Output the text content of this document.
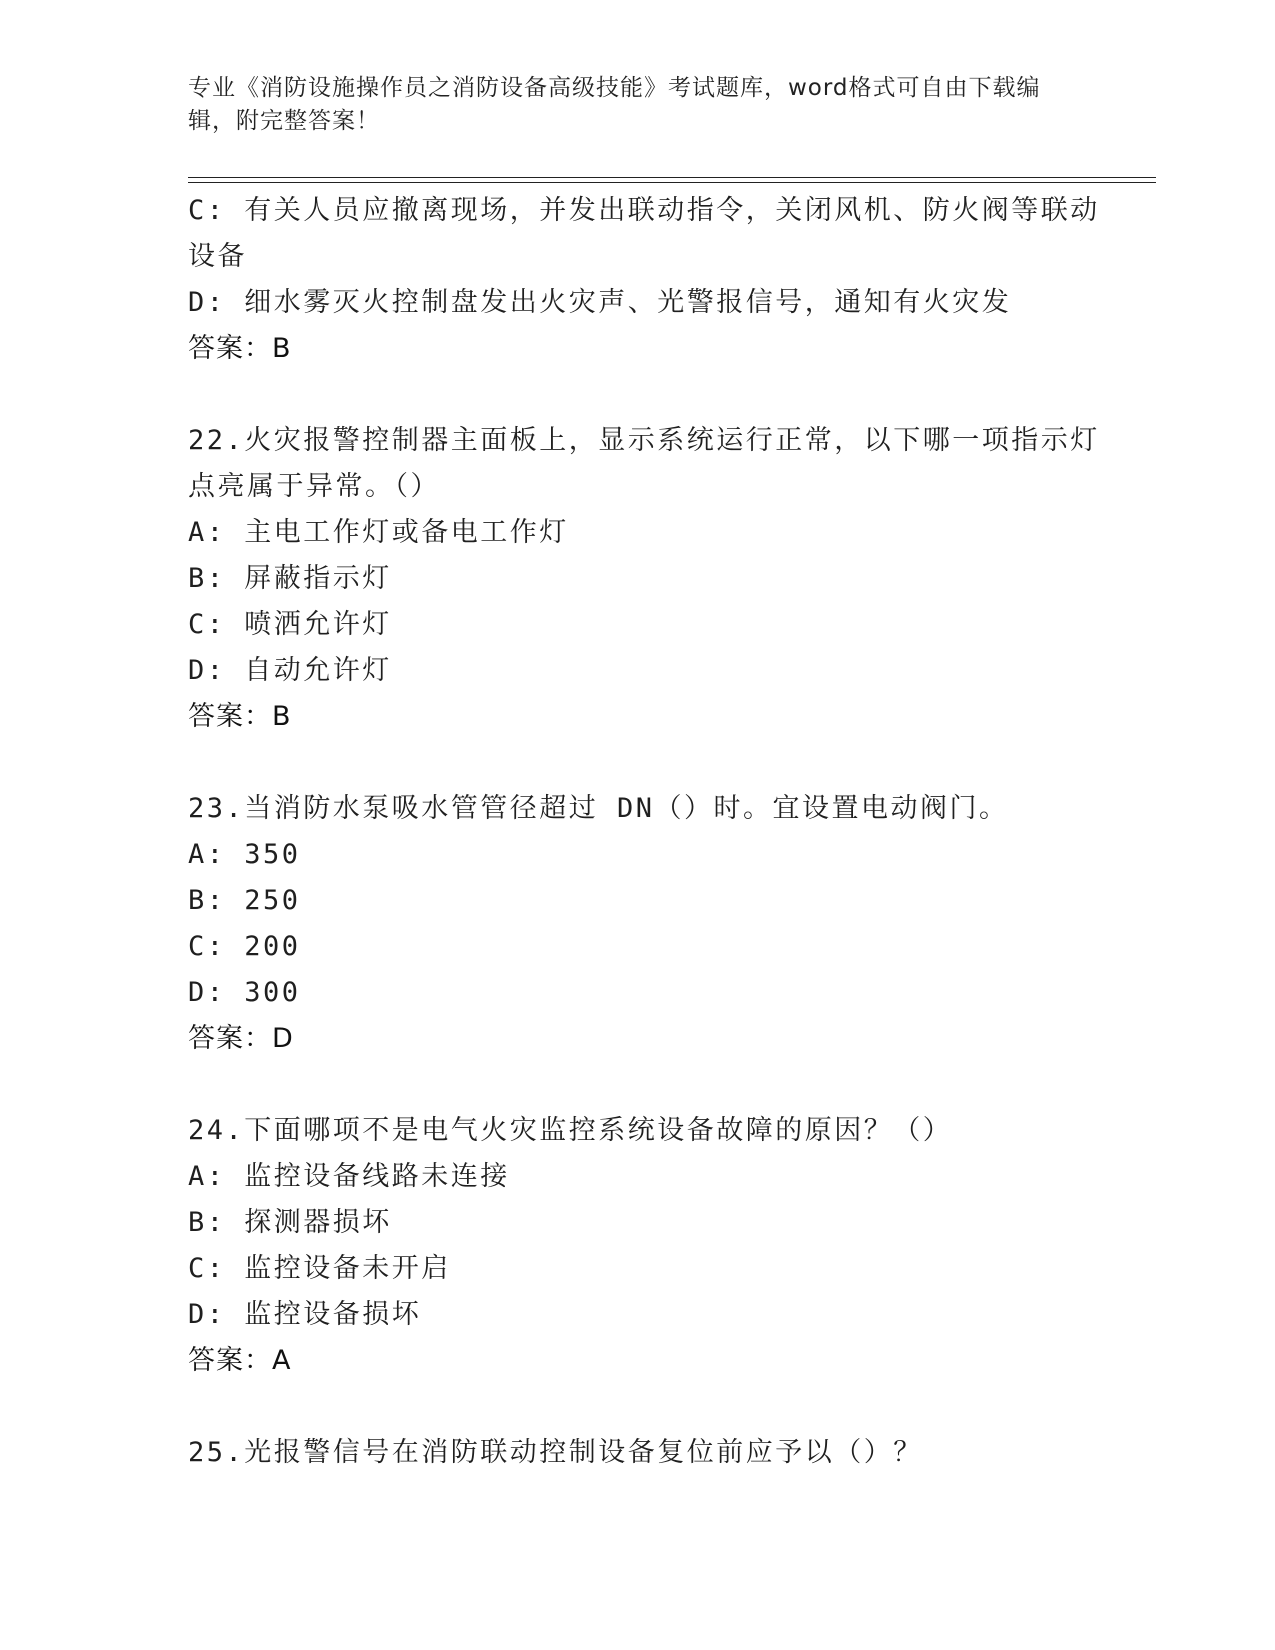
专业《消防设施操作员之消防设备高级技能》考试题库，word格式可自由下载编辑，附完整答案！
C: 有关人员应撤离现场，并发出联动指令，关闭风机、防火阀等联动
设备
D: 细水雾灭火控制盘发出火灾声、光警报信号，通知有火灾发
答案：B
22.火灾报警控制器主面板上，显示系统运行正常，以下哪一项指示灯
点亮属于异常。（）
A: 主电工作灯或备电工作灯
B: 屏蔽指示灯
C: 喷洒允许灯
D: 自动允许灯
答案：B
23.当消防水泵吸水管管径超过 DN（）时。宜设置电动阀门。
A: 350
B: 250
C: 200
D: 300
答案：D
24.下面哪项不是电气火灾监控系统设备故障的原因？（）
A: 监控设备线路未连接
B: 探测器损坏
C: 监控设备未开启
D: 监控设备损坏
答案：A
25.光报警信号在消防联动控制设备复位前应予以（）？
